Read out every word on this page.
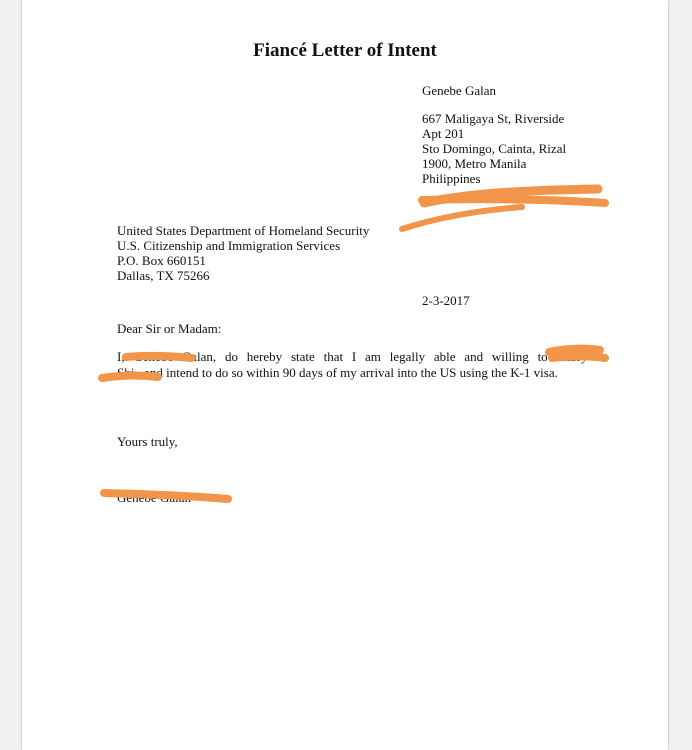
Fiancé Letter of Intent
Genebe Galan
667 Maligaya St, Riverside
Apt 201
Sto Domingo, Cainta, Rizal
1900, Metro Manila
Philippines
United States Department of Homeland Security
U.S. Citizenship and Immigration Services
P.O. Box 660151
Dallas, TX 75266
2-3-2017
Dear Sir or Madam:
I, Genebe Galan, do hereby state that I am legally able and willing to marry A
Shi , and intend to do so within 90 days of my arrival into the US using the K-1 visa.
Yours truly,
Genebe Galan
